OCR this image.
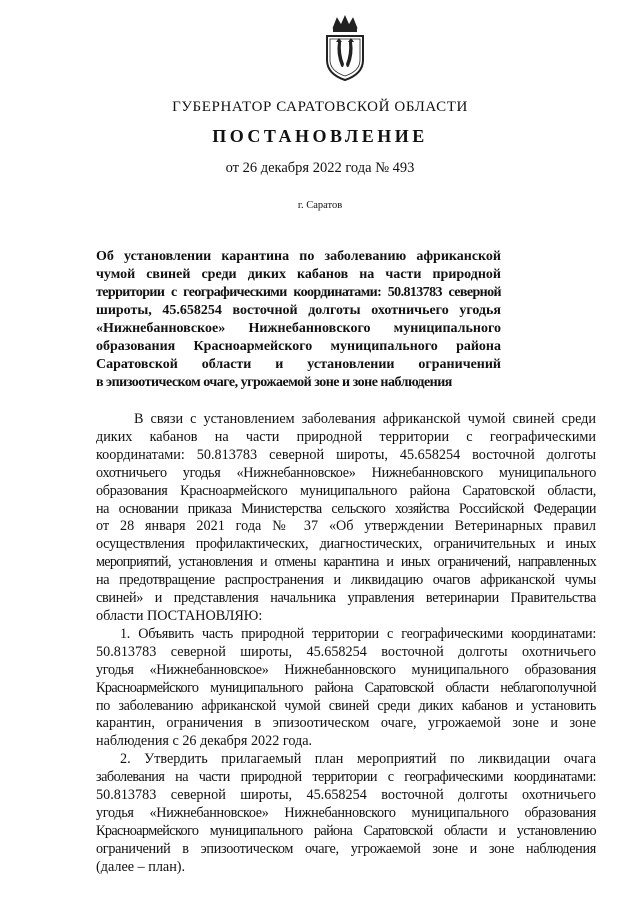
ГУБЕРНАТОР САРАТОВСКОЙ ОБЛАСТИ
ПОСТАНОВЛЕНИЕ
от 26 декабря 2022 года № 493
г. Саратов
Об установлении карантина по заболеванию африканской
чумой свиней среди диких кабанов на части природной
территории с географическими координатами: 50.813783 северной
широты, 45.658254 восточной долготы охотничьего угодья
«Нижнебанновское» Нижнебанновского муниципального
образования Красноармейского муниципального района
Саратовской области и установлении ограничений
в эпизоотическом очаге, угрожаемой зоне и зоне наблюдения
В связи с установлением заболевания африканской чумой свиней среди
диких кабанов на части природной территории с географическими
координатами: 50.813783 северной широты, 45.658254 восточной долготы
охотничьего угодья «Нижнебанновское» Нижнебанновского муниципального
образования Красноармейского муниципального района Саратовской области,
на основании приказа Министерства сельского хозяйства Российской Федерации
от 28 января 2021 года № 37 «Об утверждении Ветеринарных правил
осуществления профилактических, диагностических, ограничительных и иных
мероприятий, установления и отмены карантина и иных ограничений, направленных
на предотвращение распространения и ликвидацию очагов африканской чумы
свиней» и представления начальника управления ветеринарии Правительства
области ПОСТАНОВЛЯЮ:
1. Объявить часть природной территории с географическими координатами:
50.813783 северной широты, 45.658254 восточной долготы охотничьего
угодья «Нижнебанновское» Нижнебанновского муниципального образования
Красноармейского муниципального района Саратовской области неблагополучной
по заболеванию африканской чумой свиней среди диких кабанов и установить
карантин, ограничения в эпизоотическом очаге, угрожаемой зоне и зоне
наблюдения с 26 декабря 2022 года.
2. Утвердить прилагаемый план мероприятий по ликвидации очага
заболевания на части природной территории с географическими координатами:
50.813783 северной широты, 45.658254 восточной долготы охотничьего
угодья «Нижнебанновское» Нижнебанновского муниципального образования
Красноармейского муниципального района Саратовской области и установлению
ограничений в эпизоотическом очаге, угрожаемой зоне и зоне наблюдения
(далее – план).
